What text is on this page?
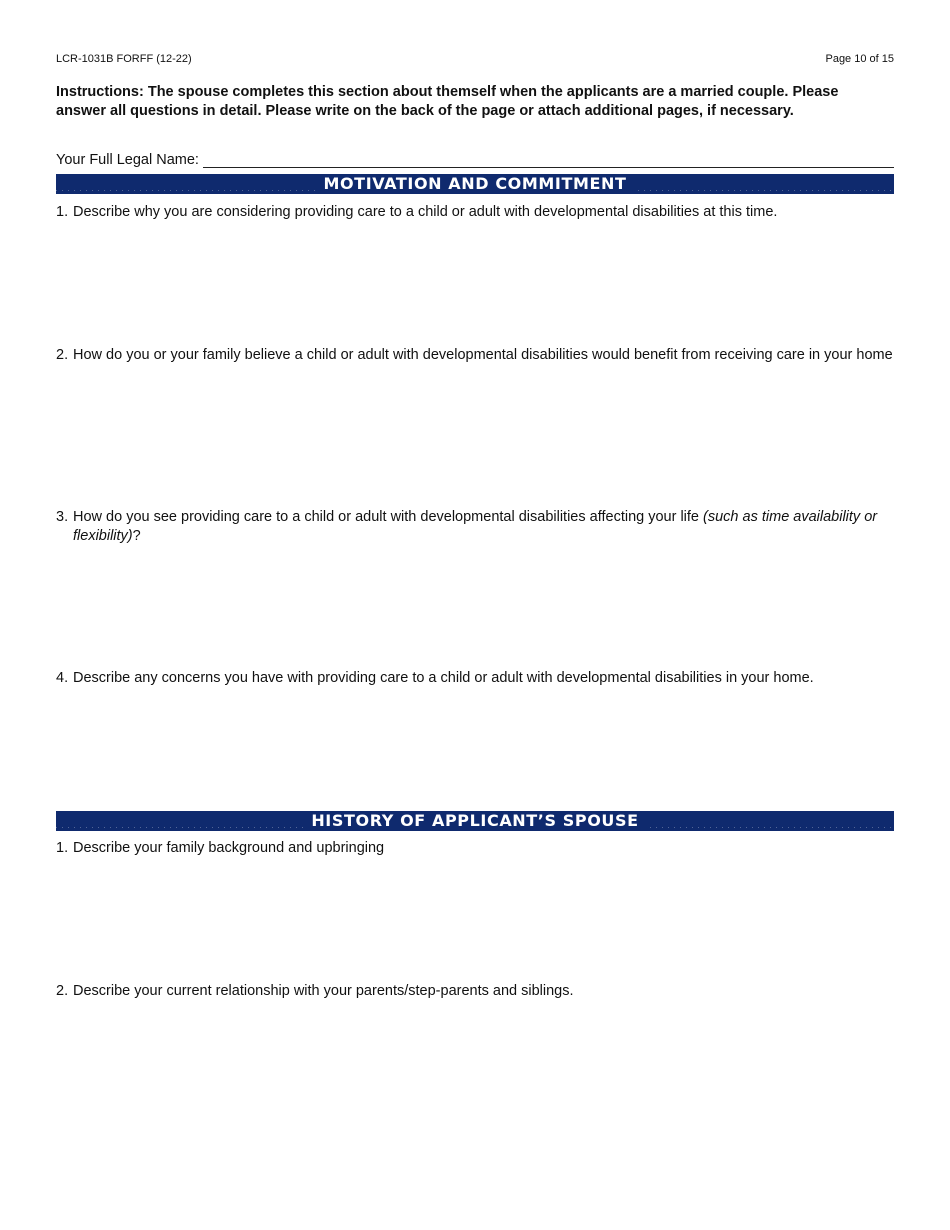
LCR-1031B FORFF (12-22)	Page 10 of 15
Instructions: The spouse completes this section about themself when the applicants are a married couple. Please answer all questions in detail. Please write on the back of the page or attach additional pages, if necessary.
Your Full Legal Name:
MOTIVATION AND COMMITMENT
1. Describe why you are considering providing care to a child or adult with developmental disabilities at this time.
2. How do you or your family believe a child or adult with developmental disabilities would benefit from receiving care in your home
3. How do you see providing care to a child or adult with developmental disabilities affecting your life (such as time availability or flexibility)?
4. Describe any concerns you have with providing care to a child or adult with developmental disabilities in your home.
HISTORY OF APPLICANT’S SPOUSE
1. Describe your family background and upbringing
2. Describe your current relationship with your parents/step-parents and siblings.
